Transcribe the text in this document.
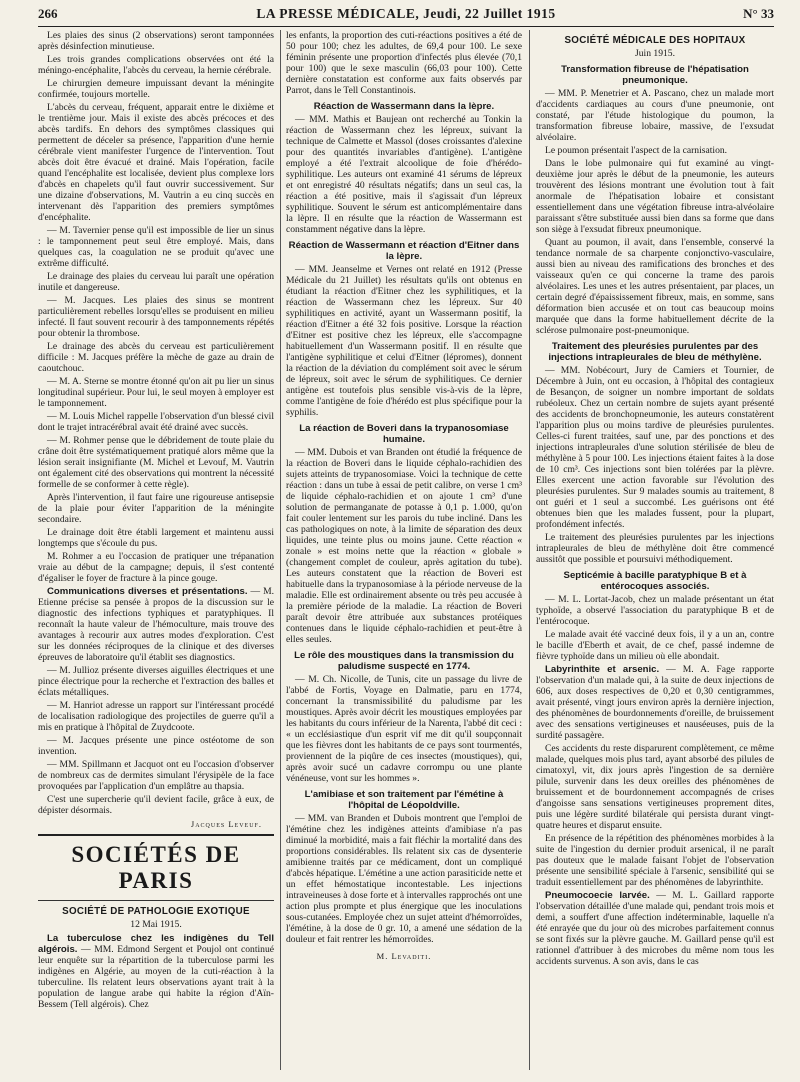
266	LA PRESSE MÉDICALE, Jeudi, 22 Juillet 1915	N° 33

Les plaies des sinus (2 observations) seront tamponnées après désinfection minutieuse.

Les trois grandes complications observées ont été la méningo-encéphalite, l'abcès du cerveau, la hernie cérébrale.

Le chirurgien demeure impuissant devant la méningite confirmée, toujours mortelle.

L'abcès du cerveau, fréquent, apparait entre le dixième et le trentième jour. Mais il existe des abcès précoces et des abcès tardifs. En dehors des symptômes classiques qui permettent de déceler sa présence, l'apparition d'une hernie cérébrale vient manifester l'urgence de l'intervention. Tout abcès doit être évacué et drainé. Mais l'opération, facile quand l'encéphalite est localisée, devient plus complexe lors d'abcès en chapelets qu'il faut ouvrir successivement. Sur une dizaine d'observations, M. Vautrin a eu cinq succès en intervenant dès l'apparition des premiers symptômes d'encéphalite.

— M. Tavernier pense qu'il est impossible de lier un sinus : le tamponnement peut seul être employé. Mais, dans quelques cas, la coagulation ne se produit qu'avec une extrême difficulté.

Le drainage des plaies du cerveau lui paraît une opération inutile et dangereuse.

— M. Jacques. Les plaies des sinus se montrent particulièrement rebelles lorsqu'elles se produisent en milieu infecté. Il faut souvent recourir à des tamponnements répétés pour obtenir la thrombose.

Le drainage des abcès du cerveau est particulièrement difficile : M. Jacques préfère la mèche de gaze au drain de caoutchouc.

— M. A. Sterne se montre étonné qu'on ait pu lier un sinus longitudinal supérieur. Pour lui, le seul moyen à employer est le tamponnement.

— M. Louis Michel rappelle l'observation d'un blessé civil dont le trajet intracérébral avait été drainé avec succès.

— M. Rohmer pense que le débridement de toute plaie du crâne doit être systématiquement pratiqué alors même que la lésion serait insignifiante (M. Michel et Levouf, M. Vautrin ont également cité des observations qui montrent la nécessité formelle de se conformer à cette règle).

Après l'intervention, il faut faire une rigoureuse antisepsie de la plaie pour éviter l'apparition de la méningite secondaire.

Le drainage doit être établi largement et maintenu aussi longtemps que s'écoule du pus.

M. Rohmer a eu l'occasion de pratiquer une trépanation vraie au début de la campagne; depuis, il s'est contenté d'égaliser le foyer de fracture à la pince gouge.

Communications diverses et présentations. — M. Etienne précise sa pensée à propos de la discussion sur le diagnostic des infections typhiques et paratyphiques. Il reconnaît la haute valeur de l'hémoculture, mais trouve des avantages à recourir aux autres modes d'exploration. C'est sur les données réciproques de la clinique et des diverses épreuves de laboratoire qu'il établit ses diagnostics.

— M. Jullioz présente diverses aiguilles électriques et une pince électrique pour la recherche et l'extraction des balles et éclats métalliques.

— M. Hanriot adresse un rapport sur l'intéressant procédé de localisation radiologique des projectiles de guerre qu'il a mis en pratique à l'hôpital de Zuydcoote.

— M. Jacques présente une pince ostéotome de son invention.

— MM. Spillmann et Jacquot ont eu l'occasion d'observer de nombreux cas de dermites simulant l'érysipèle de la face provoquées par l'application d'un emplâtre au thapsia.

C'est une supercherie qu'il devient facile, grâce à eux, de dépister désormais.

Jacques Leveuf.

SOCIÉTÉS DE PARIS
SOCIÉTÉ DE PATHOLOGIE EXOTIQUE
12 Mai 1915.

La tuberculose chez les indigènes du Tell algérois. — MM. Edmond Sergent et Poujol ont continué leur enquête sur la répartition de la tuberculose parmi les indigènes en Algérie, au moyen de la cuti-réaction à la tuberculine. Ils relatent leurs observations ayant trait à la population de langue arabe qui habite la région d'Aïn-Bessem (Tell algérois). Chez

les enfants, la proportion des cuti-réactions positives a été de 50 pour 100; chez les adultes, de 69,4 pour 100. Le sexe féminin présente une proportion d'infectés plus élevée (70,1 pour 100) que le sexe masculin (66,03 pour 100). Cette dernière constatation est conforme aux faits observés par Parrot, dans le Tell Constantinois.

Réaction de Wassermann dans la lèpre.

— MM. Mathis et Baujean ont recherché au Tonkin la réaction de Wassermann chez les lépreux, suivant la technique de Calmette et Massol (doses croissantes d'alexine pour des quantités invariables d'antigène). L'antigène employé a été l'extrait alcoolique de foie d'hérédo-syphilitique. Les auteurs ont examiné 41 sérums de lépreux et ont enregistré 40 résultats négatifs; dans un seul cas, la réaction a été positive, mais il s'agissait d'un lépreux syphilitique. Souvent le sérum est anticomplémentaire dans la lèpre. Il en résulte que la réaction de Wassermann est constamment négative dans la lèpre.

Réaction de Wassermann et réaction d'Eitner dans la lèpre.

— MM. Jeanselme et Vernes ont relaté en 1912 (Presse Médicale du 21 Juillet) les résultats qu'ils ont obtenus en étudiant la réaction d'Eitner chez les syphilitiques, et la réaction de Wassermann chez les lépreux. Sur 40 syphilitiques en activité, ayant un Wassermann positif, la réaction d'Eitner a été 32 fois positive. Lorsque la réaction d'Eitner est positive chez les lépreux, elle s'accompagne habituellement d'un Wassermann positif. Il en résulte que l'antigène syphilitique et celui d'Eitner (lépromes), donnent la réaction de la déviation du complément soit avec le sérum de lépreux, soit avec le sérum de syphilitiques. Ce dernier antigène est toutefois plus sensible vis-à-vis de la lèpre, comme l'antigène de foie d'hérédo est plus spécifique pour la syphilis.

La réaction de Boveri dans la trypanosomiase humaine.

— MM. Dubois et van Branden ont étudié la fréquence de la réaction de Boveri dans le liquide céphalo-rachidien des sujets atteints de trypanosomiase. Voici la technique de cette réaction : dans un tube à essai de petit calibre, on verse 1 cm³ de liquide céphalo-rachidien et on ajoute 1 cm³ d'une solution de permanganate de potasse à 0,1 p. 1.000, qu'on fait couler lentement sur les parois du tube incliné. Dans les cas pathologiques on note, à la limite de séparation des deux liquides, une teinte plus ou moins jaune. Cette réaction « zonale » est moins nette que la réaction « globale » (changement complet de couleur, après agitation du tube). Les auteurs constatent que la réaction de Boveri est habituelle dans la trypanosomiase à la période nerveuse de la maladie. Elle est ordinairement absente ou très peu accusée à la première période de la maladie. La réaction de Boveri paraît devoir être attribuée aux substances protéiques contenues dans le liquide céphalo-rachidien et peut-être à elles seules.

Le rôle des moustiques dans la transmission du paludisme suspecté en 1774.

— M. Ch. Nicolle, de Tunis, cite un passage du livre de l'abbé de Fortis, Voyage en Dalmatie, paru en 1774, concernant la transmissibilité du paludisme par les moustiques. Après avoir décrit les moustiques employées par les habitants du cours inférieur de la Narenta, l'abbé dit ceci : « un ecclésiastique d'un esprit vif me dit qu'il soupçonnait que les fièvres dont les habitants de ce pays sont tourmentés, proviennent de la piqûre de ces insectes (moustiques), qui, après avoir sucé un cadavre corrompu ou une plante vénéneuse, vont sur les hommes ».

L'amibiase et son traitement par l'émétine à l'hôpital de Léopoldville.

— MM. van Branden et Dubois montrent que l'emploi de l'émétine chez les indigènes atteints d'amibiase n'a pas diminué la morbidité, mais a fait fléchir la mortalité dans des proportions considérables. Ils relatent six cas de dysenterie amibienne traités par ce médicament, dont un compliqué d'abcès hépatique. L'émétine a une action parasiticide nette et un effet hémostatique incontestable. Les injections intraveineuses à dose forte et à intervalles rapprochés ont une action plus prompte et plus énergique que les inoculations sous-cutanées. Employée chez un sujet atteint d'hémorroïdes, l'émétine, à la dose de 0 gr. 10, a amené une sédation de la douleur et fait rentrer les hémorroïdes.

M. Levaditi.

SOCIÉTÉ MÉDICALE DES HOPITAUX
Juin 1915.
Transformation fibreuse de l'hépatisation pneumonique.

— MM. P. Menetrier et A. Pascano, chez un malade mort d'accidents cardiaques au cours d'une pneumonie, ont constaté, par l'étude histologique du poumon, la transformation fibreuse lobaire, massive, de l'exsudat alvéolaire.

Le poumon présentait l'aspect de la carnisation.

Dans le lobe pulmonaire qui fut examiné au vingt-deuxième jour après le début de la pneumonie, les auteurs trouvèrent des lésions montrant une évolution tout à fait anormale de l'hépatisation lobaire et consistant essentiellement dans une végétation fibreuse intra-alvéolaire paraissant s'être substituée aussi bien dans sa forme que dans son siège à l'exsudat fibreux pneumonique.

Quant au poumon, il avait, dans l'ensemble, conservé la tendance normale de sa charpente conjonctivo-vasculaire, aussi bien au niveau des ramifications des bronches et des vaisseaux qu'en ce qui concerne la trame des parois alvéolaires. Les unes et les autres présentaient, par places, un certain degré d'épaississement fibreux, mais, en somme, sans déformation bien accusée et on tout cas beaucoup moins marquée que dans la forme habituellement décrite de la sclérose pulmonaire post-pneumonique.

Traitement des pleurésies purulentes par des injections intrapleurales de bleu de méthylène.

— MM. Nobécourt, Jury de Camiers et Tournier, de Décembre à Juin, ont eu occasion, à l'hôpital des contagieux de Besançon, de soigner un nombre important de soldats rubéoleux. Chez un certain nombre de sujets ayant présenté des accidents de bronchopneumonie, les auteurs constatèrent l'apparition plus ou moins tardive de pleurésies purulentes. Celles-ci furent traitées, sauf une, par des ponctions et des injections intrapleurales d'une solution stérilisée de bleu de méthylène à 5 pour 100. Les injections étaient faites à la dose de 10 cm³. Ces injections sont bien tolérées par la plèvre. Elles exercent une action favorable sur l'évolution des pleurésies purulentes. Sur 9 malades soumis au traitement, 8 ont guéri et 1 seul a succombé. Les guérisons ont été obtenues bien que les malades fussent, pour la plupart, profondément infectés.

Le traitement des pleurésies purulentes par les injections intrapleurales de bleu de méthylène doit être commencé aussitôt que possible et poursuivi méthodiquement.

Septicémie à bacille paratyphique B et à entérocoques associés.

— M. L. Lortat-Jacob, chez un malade présentant un état typhoïde, a observé l'association du paratyphique B et de l'entérocoque.

Le malade avait été vacciné deux fois, il y a un an, contre le bacille d'Eberth et avait, de ce chef, passé indemne de fièvre typhoïde dans un milieu où elle abondait.

Labyrinthite et arsenic. — M. A. Fage rapporte l'observation d'un malade qui, à la suite de deux injections de 606, aux doses respectives de 0,20 et 0,30 centigrammes, avait présenté, vingt jours environ après la dernière injection, des phénomènes de bourdonnements d'oreille, de bruissement avec des sensations vertigineuses et nauséeuses, puis de la surdité passagère.

Ces accidents du reste disparurent complètement, ce même malade, quelques mois plus tard, ayant absorbé des pilules de cimatoxyl, vit, dix jours après l'ingestion de sa dernière pilule, survenir dans les deux oreilles des phénomènes de bruissement et de bourdonnement accompagnés de crises d'angoisse sans sensations vertigineuses proprement dites, puis une légère surdité bilatérale qui persista durant vingt-quatre heures et disparut ensuite.

En présence de la répétition des phénomènes morbides à la suite de l'ingestion du dernier produit arsenical, il ne paraît pas douteux que le malade faisant l'objet de l'observation présente une sensibilité spéciale à l'arsenic, sensibilité qui se traduit essentiellement par des phénomènes de labyrinthite.

Pneumocoecie larvée. — M. L. Gaillard rapporte l'observation détaillée d'une malade qui, pendant trois mois et demi, a souffert d'une affection indéterminable, laquelle n'a été enrayée que du jour où des microbes parfaitement connus se sont fixés sur la plèvre gauche. M. Gaillard pense qu'il est rationnel d'attribuer à des microbes du même nom tous les accidents survenus. A son avis, dans le cas
